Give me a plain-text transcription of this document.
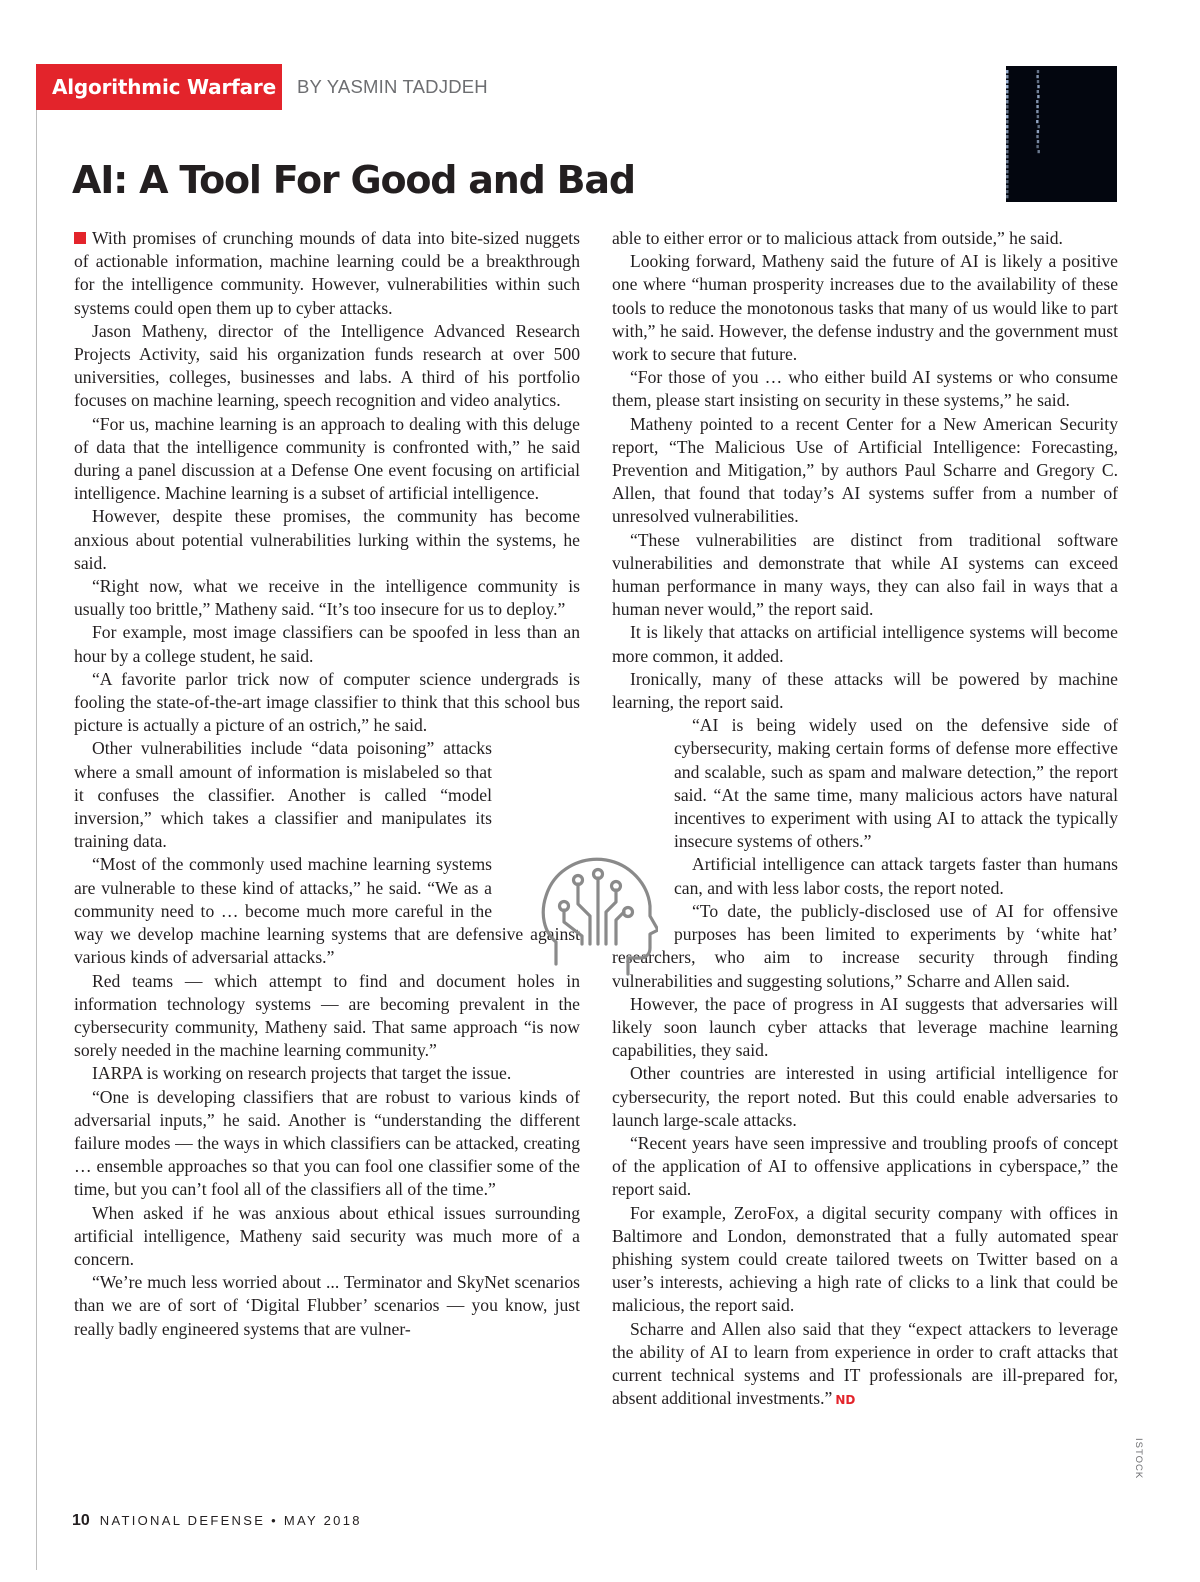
Algorithmic Warfare	BY YASMIN TADJDEH
AI: A Tool For Good and Bad

With promises of crunching mounds of data into bite-sized nuggets of actionable information, machine learning could be a breakthrough for the intelligence community. However, vulnerabilities within such systems could open them up to cyber attacks.

Jason Matheny, director of the Intelligence Advanced Research Projects Activity, said his organization funds research at over 500 universities, colleges, businesses and labs. A third of his portfolio focuses on machine learning, speech recognition and video analytics.

“For us, machine learning is an approach to dealing with this deluge of data that the intelligence community is confronted with,” he said during a panel discussion at a Defense One event focusing on artificial intelligence. Machine learning is a subset of artificial intelligence.

However, despite these promises, the community has become anxious about potential vulnerabilities lurking within the systems, he said.

“Right now, what we receive in the intelligence community is usually too brittle,” Matheny said. “It’s too insecure for us to deploy.”

For example, most image classifiers can be spoofed in less than an hour by a college student, he said.

“A favorite parlor trick now of computer science undergrads is fooling the state-of-the-art image classifier to think that this school bus picture is actually a picture of an ostrich,” he said.

Other vulnerabilities include “data poisoning” attacks where a small amount of information is mislabeled so that it confuses the classifier. Another is called “model inversion,” which takes a classifier and manipulates its training data.

“Most of the commonly used machine learning systems are vulnerable to these kind of attacks,” he said. “We as a community need to … become much more careful in the way we develop machine learning systems that are defensive against various kinds of adversarial attacks.”

Red teams — which attempt to find and document holes in information technology systems — are becoming prevalent in the cybersecurity community, Matheny said. That same approach “is now sorely needed in the machine learning community.”

IARPA is working on research projects that target the issue.

“One is developing classifiers that are robust to various kinds of adversarial inputs,” he said. Another is “understanding the different failure modes — the ways in which classifiers can be attacked, creating … ensemble approaches so that you can fool one classifier some of the time, but you can’t fool all of the classifiers all of the time.”

When asked if he was anxious about ethical issues surrounding artificial intelligence, Matheny said security was much more of a concern.

“We’re much less worried about ... Terminator and SkyNet scenarios than we are of sort of ‘Digital Flubber’ scenarios — you know, just really badly engineered systems that are vulner-

able to either error or to malicious attack from outside,” he said.

Looking forward, Matheny said the future of AI is likely a positive one where “human prosperity increases due to the availability of these tools to reduce the monotonous tasks that many of us would like to part with,” he said. However, the defense industry and the government must work to secure that future.

“For those of you … who either build AI systems or who consume them, please start insisting on security in these systems,” he said.

Matheny pointed to a recent Center for a New American Security report, “The Malicious Use of Artificial Intelligence: Forecasting, Prevention and Mitigation,” by authors Paul Scharre and Gregory C. Allen, that found that today’s AI systems suffer from a number of unresolved vulnerabilities.

“These vulnerabilities are distinct from traditional software vulnerabilities and demonstrate that while AI systems can exceed human performance in many ways, they can also fail in ways that a human never would,” the report said.

It is likely that attacks on artificial intelligence systems will become more common, it added.

Ironically, many of these attacks will be powered by machine learning, the report said.

“AI is being widely used on the defensive side of cybersecurity, making certain forms of defense more effective and scalable, such as spam and malware detection,” the report said. “At the same time, many malicious actors have natural incentives to experiment with using AI to attack the typically insecure systems of others.”

Artificial intelligence can attack targets faster than humans can, and with less labor costs, the report noted.

“To date, the publicly-disclosed use of AI for offensive purposes has been limited to experiments by ‘white hat’ researchers, who aim to increase security through finding vulnerabilities and suggesting solutions,” Scharre and Allen said.

However, the pace of progress in AI suggests that adversaries will likely soon launch cyber attacks that leverage machine learning capabilities, they said.

Other countries are interested in using artificial intelligence for cybersecurity, the report noted. But this could enable adversaries to launch large-scale attacks.

“Recent years have seen impressive and troubling proofs of concept of the application of AI to offensive applications in cyberspace,” the report said.

For example, ZeroFox, a digital security company with offices in Baltimore and London, demonstrated that a fully automated spear phishing system could create tailored tweets on Twitter based on a user’s interests, achieving a high rate of clicks to a link that could be malicious, the report said.

Scharre and Allen also said that they “expect attackers to leverage the ability of AI to learn from experience in order to craft attacks that current technical systems and IT professionals are ill-prepared for, absent additional investments.” ND

ISTOCK
10 NATIONAL DEFENSE • MAY 2018
